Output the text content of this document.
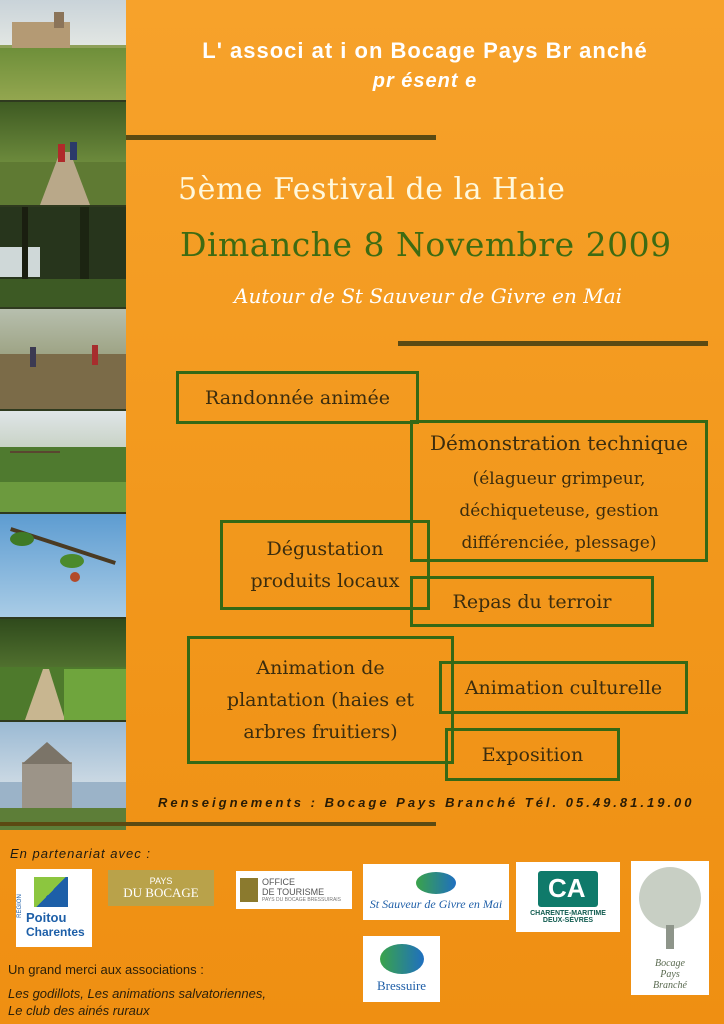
L' associ at i on Bocage Pays Br anché
pr ésent e
5ème Festival de la Haie
Dimanche 8 Novembre 2009
Autour de St Sauveur de Givre en Mai
Randonnée animée
Démonstration technique
(élagueur grimpeur,
déchiqueteuse, gestion
différenciée, plessage)
Dégustation
produits locaux
Repas du terroir
Animation de
plantation (haies et
arbres fruitiers)
Animation culturelle
Exposition
Renseignements : Bocage Pays Branché Tél. 05.49.81.19.00
En partenariat avec :
Poitou
Charentes
RÉGION
PAYS
DU BOCAGE
OFFICE
DE TOURISME
PAYS DU BOCAGE BRESSUIRAIS St Sauveur de Givre en Mai
CA
CHARENTE-MARITIME
DEUX-SÈVRES
Bocage
Pays
Branché
Bressuire
Un grand merci aux associations :
Les godillots, Les animations salvatoriennes,
Le club des ainés ruraux
